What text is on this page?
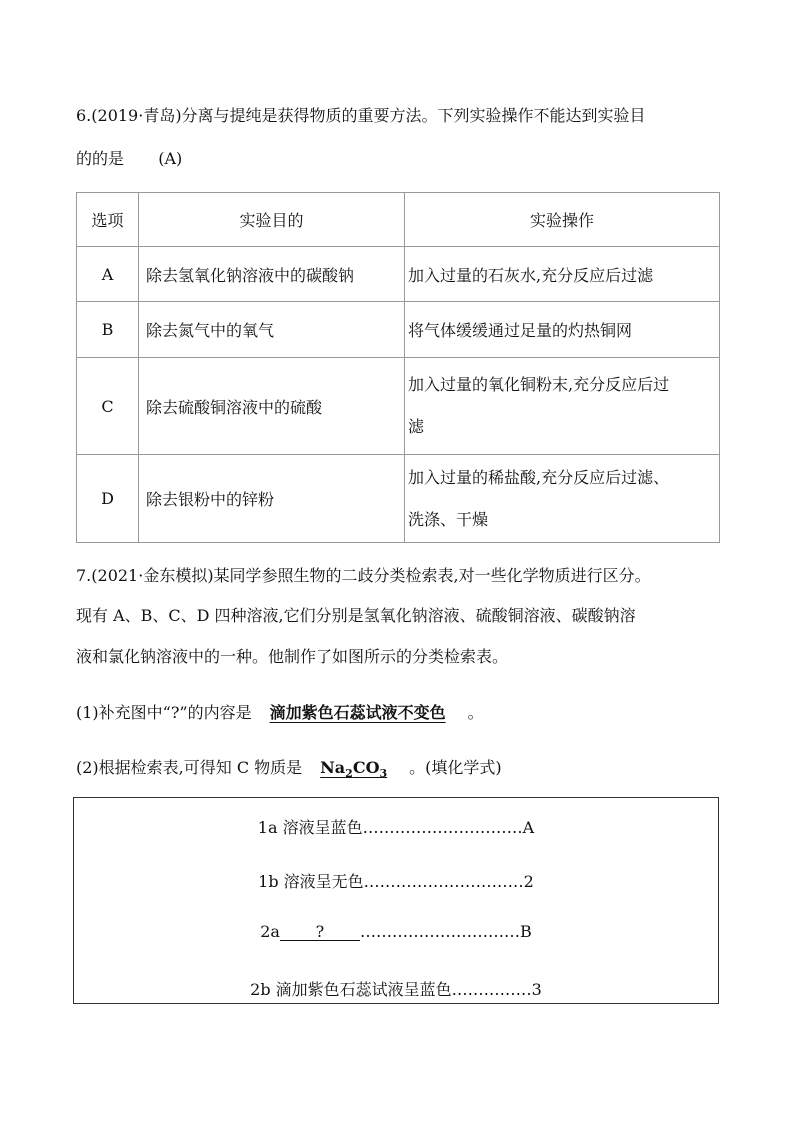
6.(2019·青岛)分离与提纯是获得物质的重要方法。下列实验操作不能达到实验目
的的是 (A)
选项	实验目的	实验操作
A	除去氢氧化钠溶液中的碳酸钠	加入过量的石灰水,充分反应后过滤
B	除去氮气中的氧气	将气体缓缓通过足量的灼热铜网
C	除去硫酸铜溶液中的硫酸	加入过量的氧化铜粉末,充分反应后过
滤
D	除去银粉中的锌粉	加入过量的稀盐酸,充分反应后过滤、
洗涤、干燥
7.(2021·金东模拟)某同学参照生物的二歧分类检索表,对一些化学物质进行区分。
现有 A、B、C、D 四种溶液,它们分别是氢氧化钠溶液、硫酸铜溶液、碳酸钠溶
液和氯化钠溶液中的一种。他制作了如图所示的分类检索表。
(1)补充图中“?”的内容是 滴加紫色石蕊试液不变色 。
(2)根据检索表,可得知 C 物质是 $Na_2CO_3$ 。(填化学式)
1a 溶液呈蓝色…………………………A
1b 溶液呈无色…………………………2
2a ? …………………………B
2b 滴加紫色石蕊试液呈蓝色……………3
